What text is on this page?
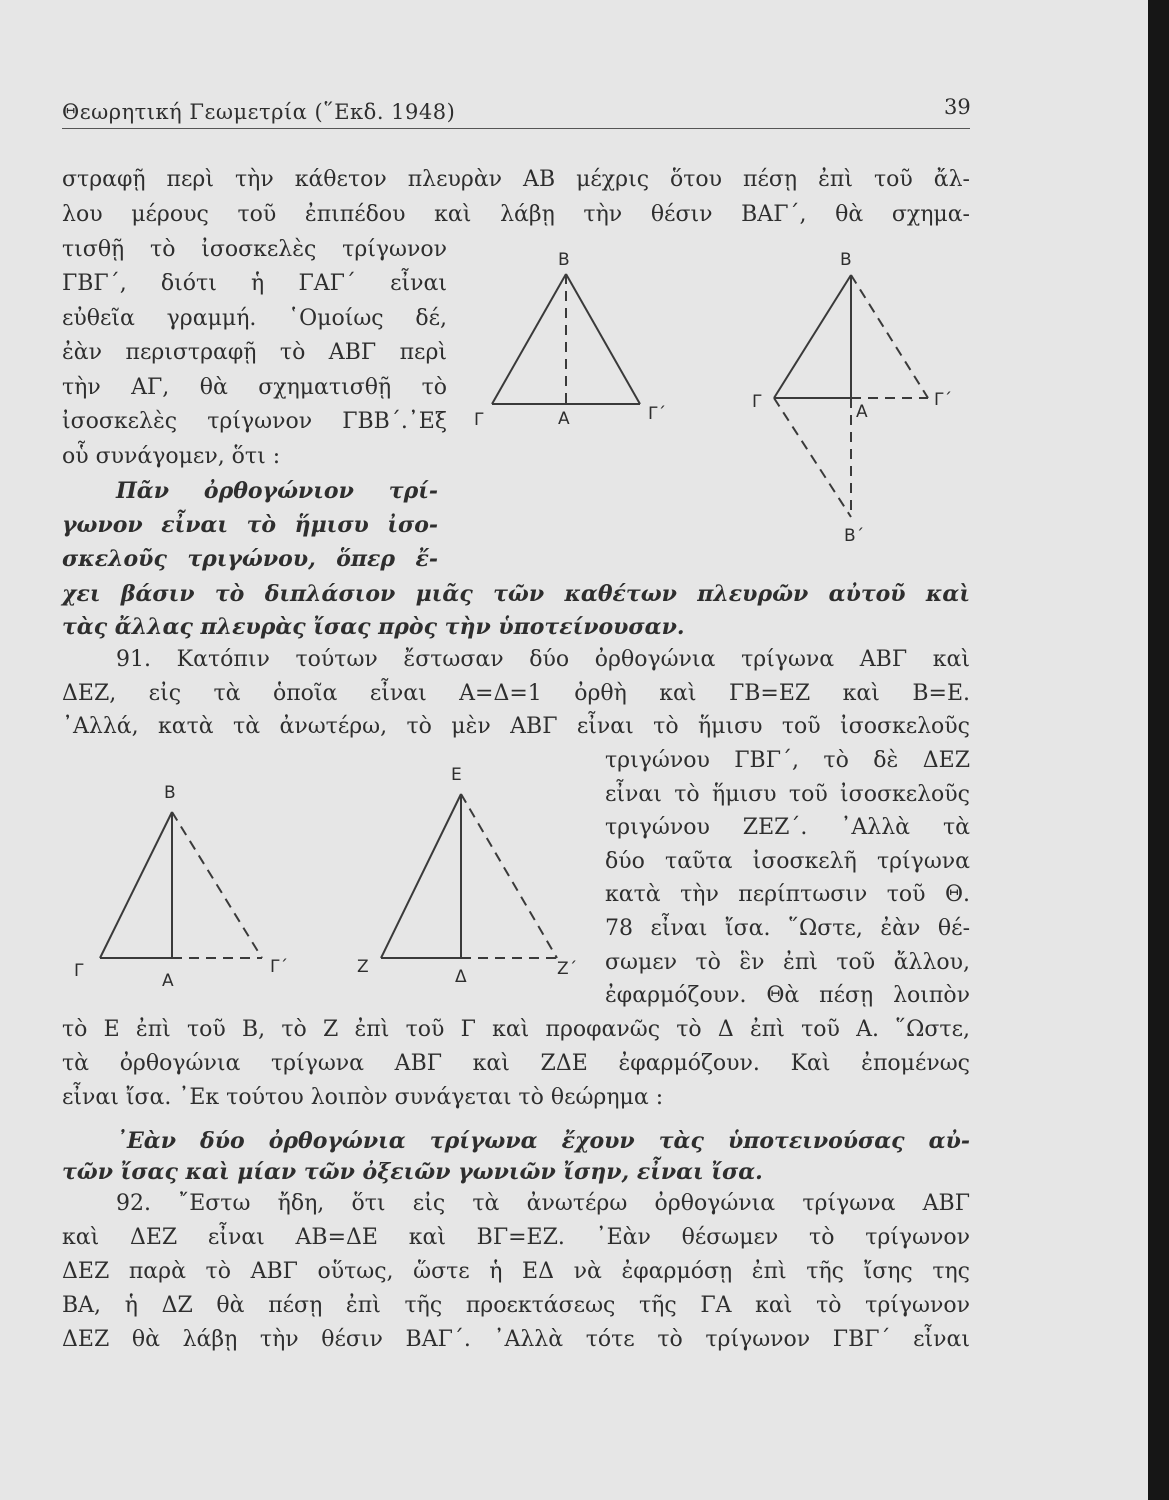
Θεωρητική Γεωμετρία (῞Εκδ. 1948)	39
στραφῇ περὶ τὴν κάθετον πλευρὰν ΑΒ μέχρις ὅτου πέσῃ ἐπὶ τοῦ ἄλ-
λου μέρους τοῦ ἐπιπέδου καὶ λάβῃ τὴν θέσιν ΒΑΓ΄, θὰ σχημα-
τισθῇ τὸ ἰσοσκελὲς τρίγωνον
ΓΒΓ΄, διότι ἡ ΓΑΓ΄ εἶναι
εὐθεῖα γραμμή. ῾Ομοίως δέ,
ἐὰν περιστραφῇ τὸ ΑΒΓ περὶ
τὴν ΑΓ, θὰ σχηματισθῇ τὸ
ἰσοσκελὲς τρίγωνον ΓΒΒ΄.᾿Εξ
οὗ συνάγομεν, ὅτι :
Πᾶν ὀρθογώνιον τρί-
γωνον εἶναι τὸ ἥμισυ ἰσο-
σκελοῦς τριγώνου, ὅπερ ἔ-
χει βάσιν τὸ διπλάσιον μιᾶς τῶν καθέτων πλευρῶν αὐτοῦ καὶ
τὰς ἄλλας πλευρὰς ἴσας πρὸς τὴν ὑποτείνουσαν.
B
Γ	A	Γ΄
B
Γ	A
Γ΄
B΄
91. Κατόπιν τούτων ἔστωσαν δύο ὀρθογώνια τρίγωνα ΑΒΓ καὶ
ΔΕΖ, εἰς τὰ ὁποῖα εἶναι Α=Δ=1 ὀρθὴ καὶ ΓΒ=ΕΖ καὶ Β=Ε.
᾿Αλλά, κατὰ τὰ ἀνωτέρω, τὸ μὲν ΑΒΓ εἶναι τὸ ἥμισυ τοῦ ἰσοσκελοῦς
τριγώνου ΓΒΓ΄, τὸ δὲ ΔΕΖ
εἶναι τὸ ἥμισυ τοῦ ἰσοσκελοῦς
τριγώνου ΖΕΖ΄. ᾿Αλλὰ τὰ
δύο ταῦτα ἰσοσκελῆ τρίγωνα
κατὰ τὴν περίπτωσιν τοῦ Θ.
78 εἶναι ἴσα. ῞Ωστε, ἐὰν θέ-
σωμεν τὸ ἓν ἐπὶ τοῦ ἄλλου,
ἐφαρμόζουν. Θὰ πέσῃ λοιπὸν
τὸ Ε ἐπὶ τοῦ Β, τὸ Ζ ἐπὶ τοῦ Γ καὶ προφανῶς τὸ Δ ἐπὶ τοῦ Α. ῞Ωστε,
τὰ ὀρθογώνια τρίγωνα ΑΒΓ καὶ ΖΔΕ ἐφαρμόζουν. Καὶ ἐπομένως
εἶναι ἴσα. ᾿Εκ τούτου λοιπὸν συνάγεται τὸ θεώρημα :
B
Γ	A
Γ΄
E
Z	Δ	Z΄
᾿Εὰν δύο ὀρθογώνια τρίγωνα ἔχουν τὰς ὑποτεινούσας αὐ-
τῶν ἴσας καὶ μίαν τῶν ὀξειῶν γωνιῶν ἴσην, εἶναι ἴσα.
92. ῎Εστω ἤδη, ὅτι εἰς τὰ ἀνωτέρω ὀρθογώνια τρίγωνα ΑΒΓ
καὶ ΔΕΖ εἶναι ΑΒ=ΔΕ καὶ ΒΓ=ΕΖ. ᾿Εὰν θέσωμεν τὸ τρίγωνον
ΔΕΖ παρὰ τὸ ΑΒΓ οὕτως, ὥστε ἡ ΕΔ νὰ ἐφαρμόσῃ ἐπὶ τῆς ἴσης της
ΒΑ, ἡ ΔΖ θὰ πέσῃ ἐπὶ τῆς προεκτάσεως τῆς ΓΑ καὶ τὸ τρίγωνον
ΔΕΖ θὰ λάβῃ τὴν θέσιν ΒΑΓ΄. ᾿Αλλὰ τότε τὸ τρίγωνον ΓΒΓ΄ εἶναι
